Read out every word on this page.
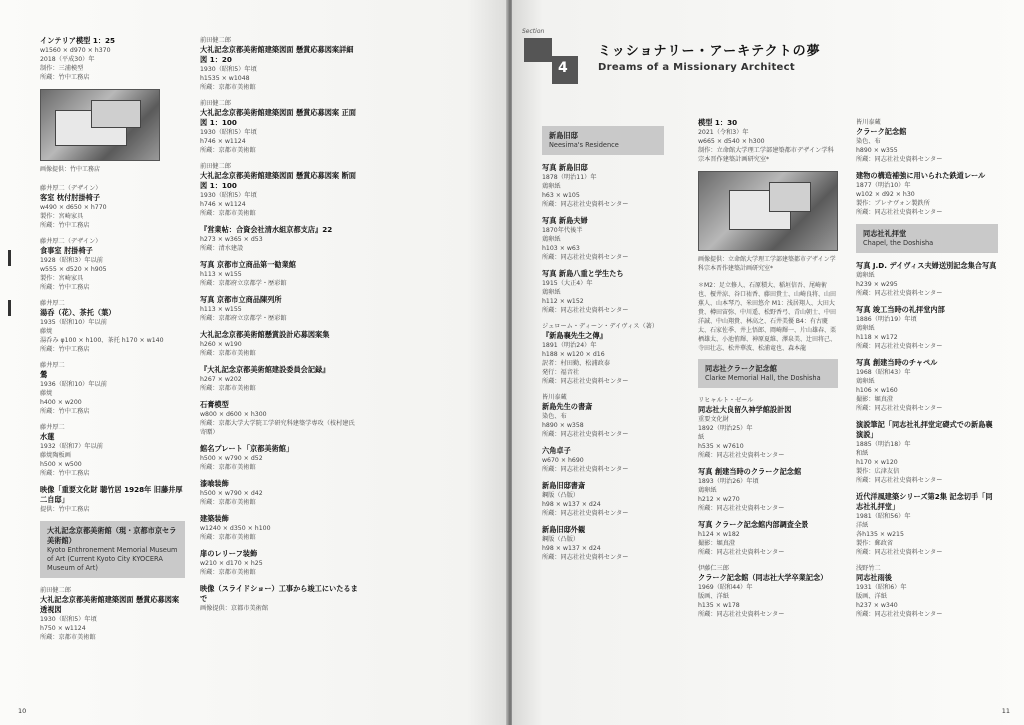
インテリア模型 1：25
w1560 × d970 × h370
2018（平成30）年
制作：三浦模型
所蔵：竹中工務店
画像提供：竹中工務店
藤井厚二（デザイン）
客室 枕付肘掛椅子
w490 × d650 × h770
製作：宮崎家具
所蔵：竹中工務店
藤井厚二（デザイン）
食事室 肘掛椅子
1928（昭和3）年以前
w555 × d520 × h905
製作：宮崎家具
所蔵：竹中工務店
藤井厚二
湯呑（花）、茶托（葉）
1935（昭和10）年以前
藤焼
湯呑み φ100 × h100、茶托 h170 × w140
所蔵：竹中工務店
藤井厚二
鶯
1936（昭和10）年以前
藤焼
h400 × w200
所蔵：竹中工務店
藤井厚二
水蓮
1932（昭和7）年以前
藤焼陶板画
h500 × w500
所蔵：竹中工務店
映像「重要文化財 聴竹居 1928年 旧藤井厚二自邸」
提供：竹中工務店
大礼記念京都美術館（現・京都市京セラ美術館）
Kyoto Enthronement Memorial Museum of Art (Current Kyoto City KYOCERA Museum of Art)
前田健二郎
大礼記念京都美術館建築図面 懸賞応募図案 透視図
1930（昭和5）年頃
h750 × w1124
所蔵：京都市美術館
前田健二郎
大礼記念京都美術館建築図面 懸賞応募図案詳細図 1：20
1930（昭和5）年頃
h1535 × w1048
所蔵：京都市美術館
前田健二郎
大礼記念京都美術館建築図面 懸賞応募図案 正面図 1：100
1930（昭和5）年頃
h746 × w1124
所蔵：京都市美術館
前田健二郎
大礼記念京都美術館建築図面 懸賞応募図案 断面図 1：100
1930（昭和5）年頃
h746 × w1124
所蔵：京都市美術館
『営業帖：合資会社清水組京都支店』22
h273 × w365 × d53
所蔵：清水建設
写真 京都市立商品第一勧業館
h113 × w155
所蔵：京都府立京都学・歴彩館
写真 京都市立商品陳列所
h113 × w155
所蔵：京都府立京都学・歴彩館
大礼記念京都美術館懸賞設計応募図案集
h260 × w190
所蔵：京都市美術館
『大礼記念京都美術館建設委員会記録』
h267 × w202
所蔵：京都市美術館
石膏模型
w800 × d600 × h300
所蔵：京都大学大学院工学研究科建築学専攻（枝村建氏寄贈）
館名プレート「京都美術館」
h500 × w790 × d52
所蔵：京都市美術館
漆喰装飾
h500 × w790 × d42
所蔵：京都市美術館
建築装飾
w1240 × d350 × h100
所蔵：京都市美術館
扉のレリーフ装飾
w210 × d170 × h25
所蔵：京都市美術館
映像（スライドショー）工事から竣工にいたるまで
画像提供：京都市美術館
10	11
Section
4
ミッショナリー・アーキテクトの夢
Dreams of a Missionary Architect
新島旧邸
Neesima's Residence
写真 新島旧邸
1878（明治11）年
鶏卵紙
h63 × w105
所蔵：同志社社史資料センター
写真 新島夫婦
1870年代後半
鶏卵紙
h103 × w63
所蔵：同志社社史資料センター
写真 新島八重と学生たち
1915（大正4）年
鶏卵紙
h112 × w152
所蔵：同志社社史資料センター
ジェローム・ディーン・デイヴィス（著）
『新島襄先生之傳』
1891（明治24）年
h188 × w120 × d16
訳者：村田勤、松浦政泰
発行：福音社
所蔵：同志社社史資料センター
皆川泰蔵
新島先生の書斎
染色、布
h890 × w358
所蔵：同志社社史資料センター
六角卓子
w670 × h690
所蔵：同志社社史資料センター
新島旧邸書斎
鋼版（凸版）
h98 × w137 × d24
所蔵：同志社社史資料センター
新島旧邸外観
鋼版（凸版）
h98 × w137 × d24
所蔵：同志社社史資料センター
模型 1：30
2021（令和3）年
w665 × d540 × h300
制作：立命館大学理工学部建築都市デザイン学科宗本晋作建築計画研究室*
画像提供：立命館大学理工学部建築都市デザイン学科宗本晋作建築計画研究室*
＊M2：足立修人、石原積大、稲垣信吾、尾崎術也、榎井涼、谷口祐香、藤田貴士、山崎良将、山田蕉人、山本琴乃、米田悠介 M1：浅居翔人、大田大貴、樽田宙弥、中川遥、松野香弓、青山朝士、中田洋誠、中山翔貴、林高之、石井美優 B4：有古慶太、石家佐季、井上悟郎、岡崎輝一、片山雄春、栗栖雄太、小池侑輝、神原夏維、澤泉美、辻田将己、寺田壮志、松井華波、松浦竜也、森本龍
同志社クラーク記念館
Clarke Memorial Hall, the Doshisha
リヒャルト・ゼール
同志社大良留久神学館設計図
重要文化財
1892（明治25）年
紙
h535 × w7610
所蔵：同志社社史資料センター
写真 創建当時のクラーク記念館
1893（明治26）年頃
鶏卵紙
h212 × w270
所蔵：同志社社史資料センター
写真 クラーク記念館内部調査全景
h124 × w182
撮影：堀真澄
所蔵：同志社社史資料センター
伊藤仁三郎
クラーク記念館（同志社大学卒業記念）
1969（昭和44）年
版画、洋紙
h135 × w178
所蔵：同志社社史資料センター
皆川泰蔵
クラーク記念館
染色、布
h890 × w355
所蔵：同志社社史資料センター
建物の構造補強に用いられた鉄道レール
1877（明治10）年
w102 × d92 × h30
製作：ブレナヴォン製鉄所
所蔵：同志社社史資料センター
同志社礼拝堂
Chapel, the Doshisha
写真 J.D. デイヴィス夫婦送別記念集合写真
鶏卵紙
h239 × w295
所蔵：同志社社史資料センター
写真 竣工当時の礼拝堂内部
1886（明治19）年頃
鶏卵紙
h118 × w172
所蔵：同志社社史資料センター
写真 創建当時のチャペル
1968（昭和43）年
鶏卵紙
h106 × w160
撮影：堀真澄
所蔵：同志社社史資料センター
演説筆記「同志社礼拝堂定礎式での新島襄演説」
1885（明治18）年
和紙
h170 × w120
製作：広津友信
所蔵：同志社社史資料センター
近代洋風建築シリーズ第2集 記念切手「同志社礼拝堂」
1981（昭和56）年
洋紙
各h135 × w215
製作：郵政省
所蔵：同志社社史資料センター
浅野竹二
同志社雨後
1931（昭和6）年
版画、洋紙
h237 × w340
所蔵：同志社社史資料センター
